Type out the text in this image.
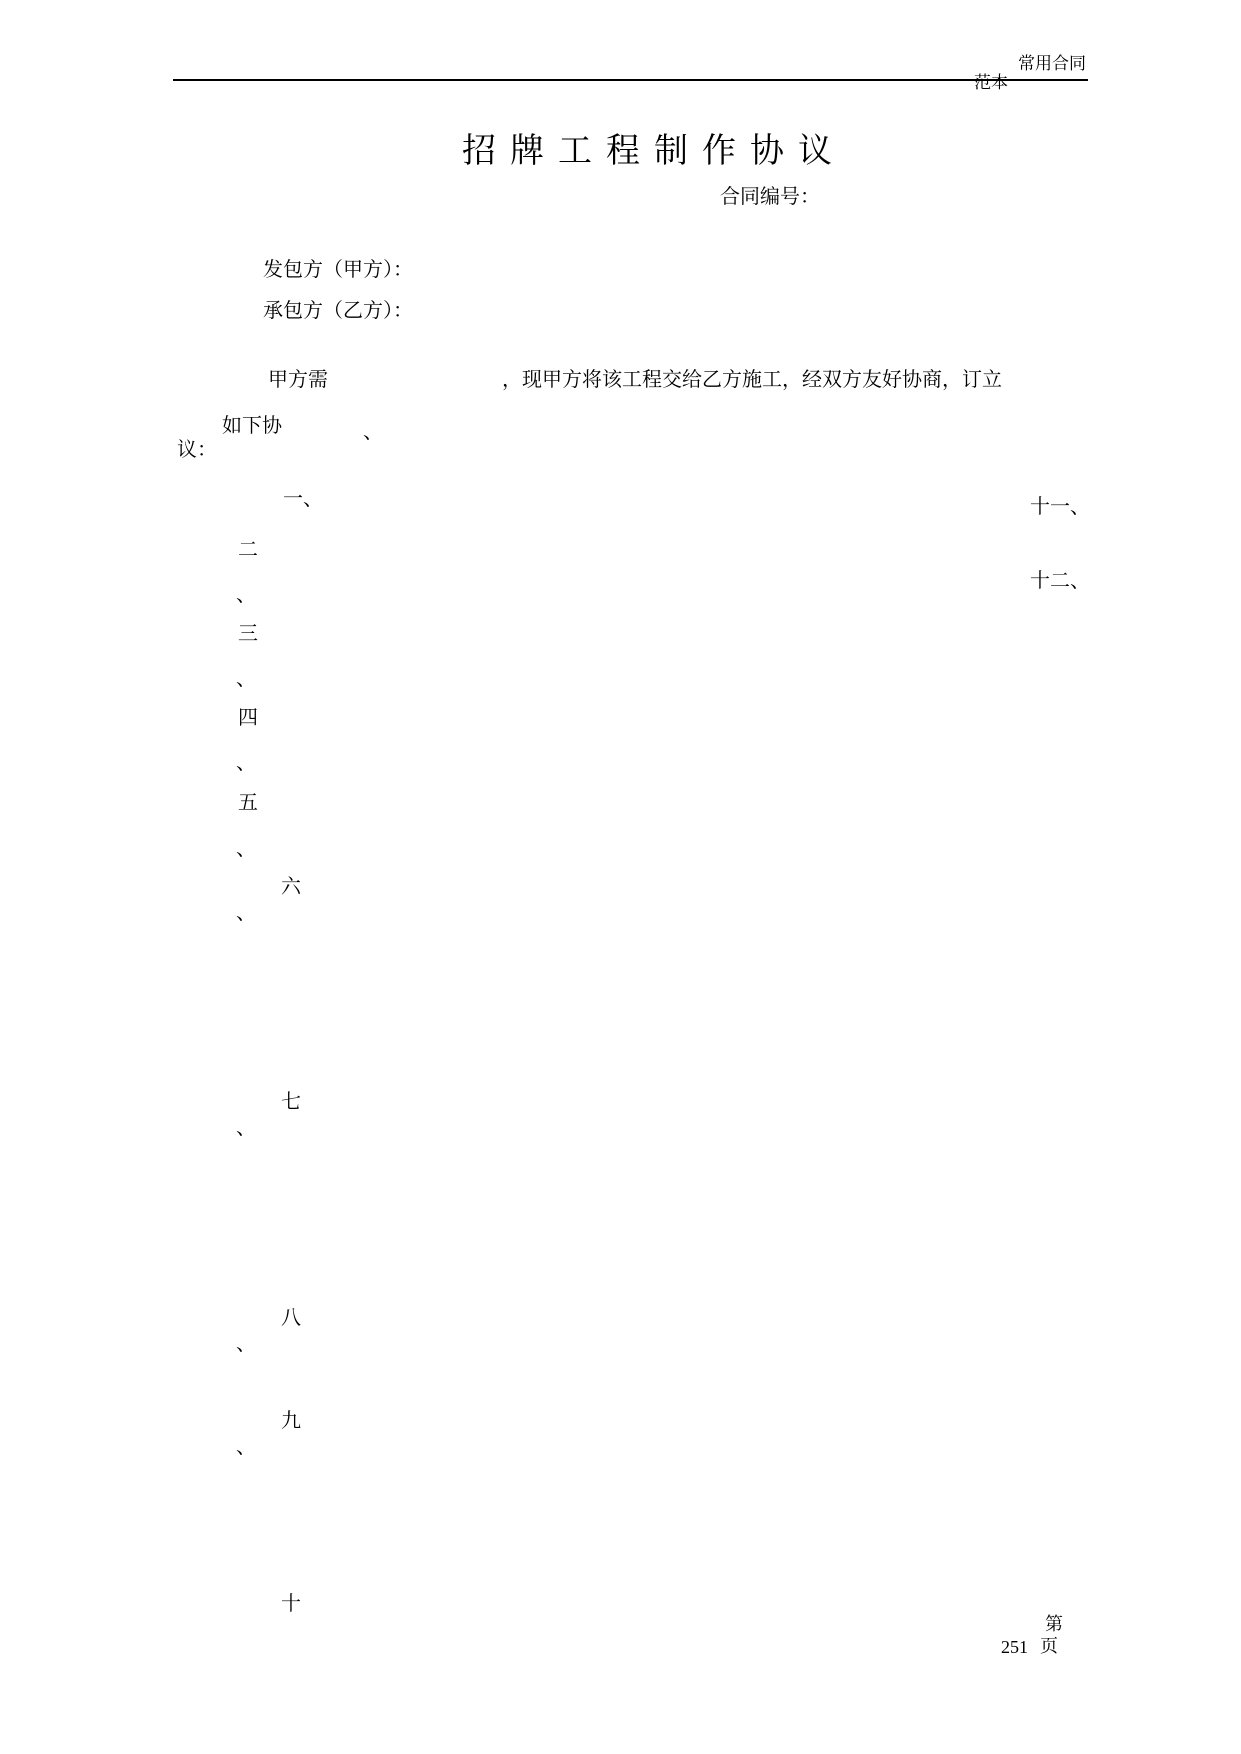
常用合同
范本
招牌工程制作协议
合同编号：
发包方（甲方）：
承包方（乙方）：
甲方需	，现甲方将该工程交给乙方施工，经双方友好协商，订立
如下协	、
议：
一、	十一、
二
、
十二、
三
、
四
、
五
、
六
、
七
、
八
、
九
、
十
第
251 页
